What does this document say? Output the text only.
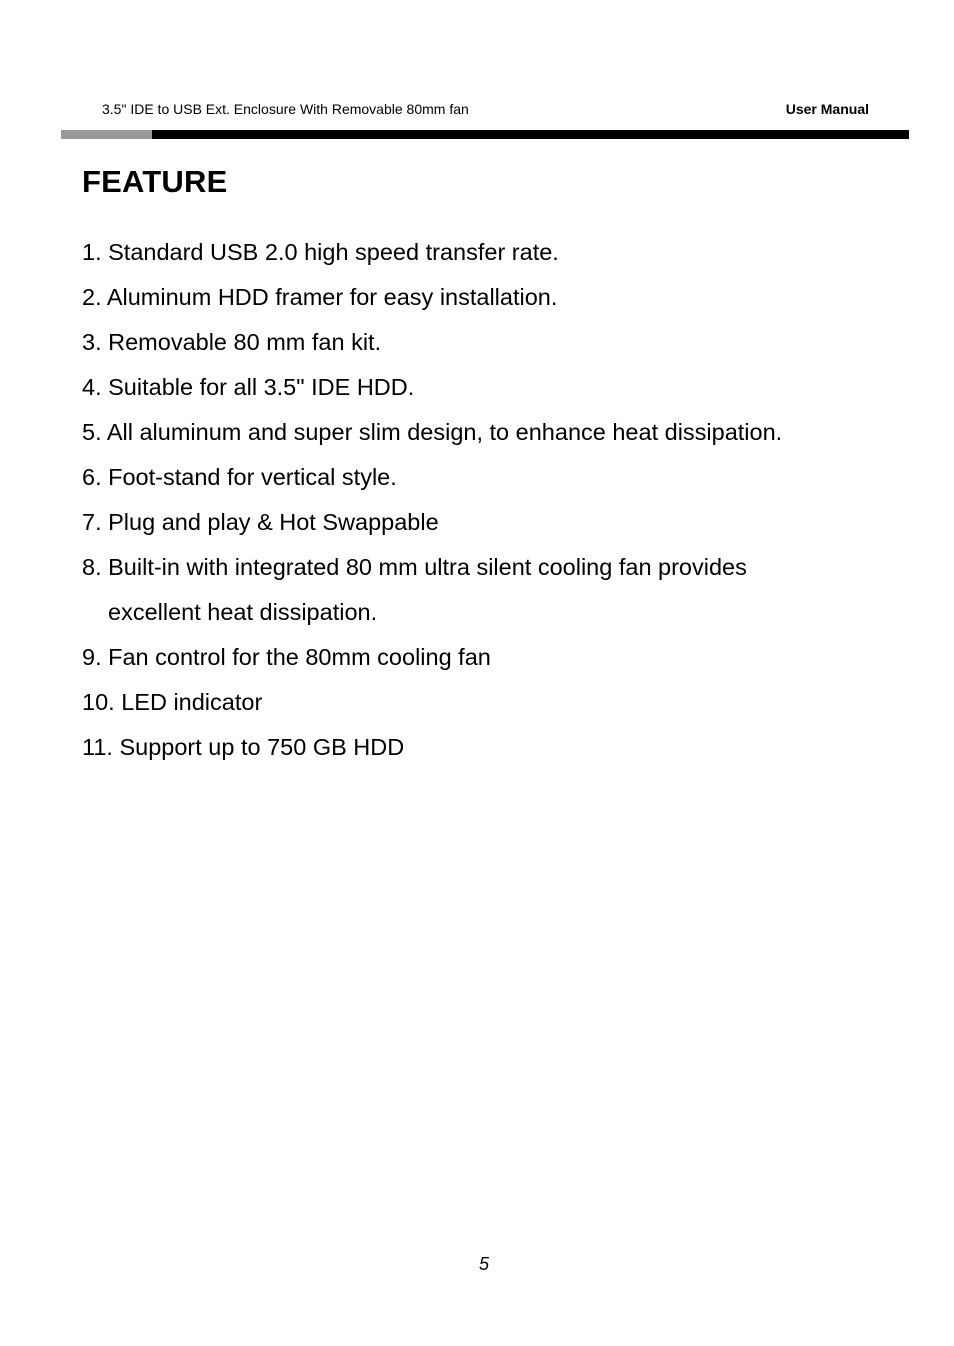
3.5" IDE to USB Ext. Enclosure With Removable 80mm fan	User Manual
FEATURE
1. Standard USB 2.0 high speed transfer rate.
2. Aluminum HDD framer for easy installation.
3. Removable 80 mm fan kit.
4. Suitable for all 3.5" IDE HDD.
5. All aluminum and super slim design, to enhance heat dissipation.
6. Foot-stand for vertical style.
7. Plug and play & Hot Swappable
8. Built-in with integrated 80 mm ultra silent cooling fan provides
excellent heat dissipation.
9. Fan control for the 80mm cooling fan
10. LED indicator
11. Support up to 750 GB HDD
5
